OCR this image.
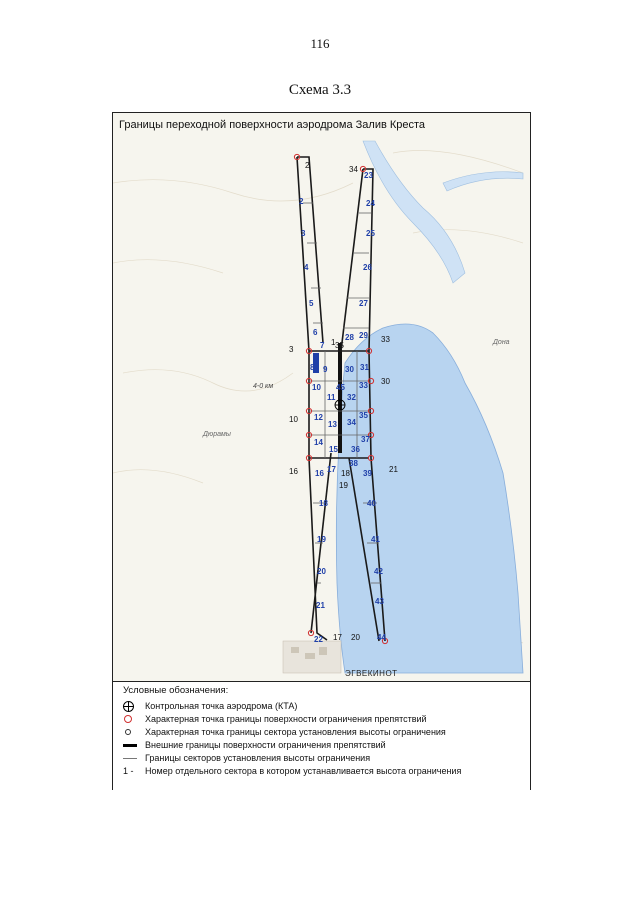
116
Схема 3.3
Границы переходной поверхности аэродрома Залив Креста
2
3
4
5
6
7
8 9
10
11
12
13
14
15
16 17
18
19
20
21
22
23
24
25
26
27
28 29
30 31
32
33
34
35
36
37
38
39
40
41
42
43
44
45
1
2
3
10
16
17
18
19
20
21
30
33
34
35
ЭГВЕКИНОТ
4-0 км
Дюрамы
Дона
Условные обозначения:
Контрольная точка аэродрома (КТА)
Характерная точка границы поверхности ограничения препятствий
Характерная точка границы сектора установления высоты ограничения
Внешние границы поверхности ограничения препятствий
Границы секторов установления высоты ограничения
1 -	Номер отдельного сектора в котором устанавливается высота ограничения
